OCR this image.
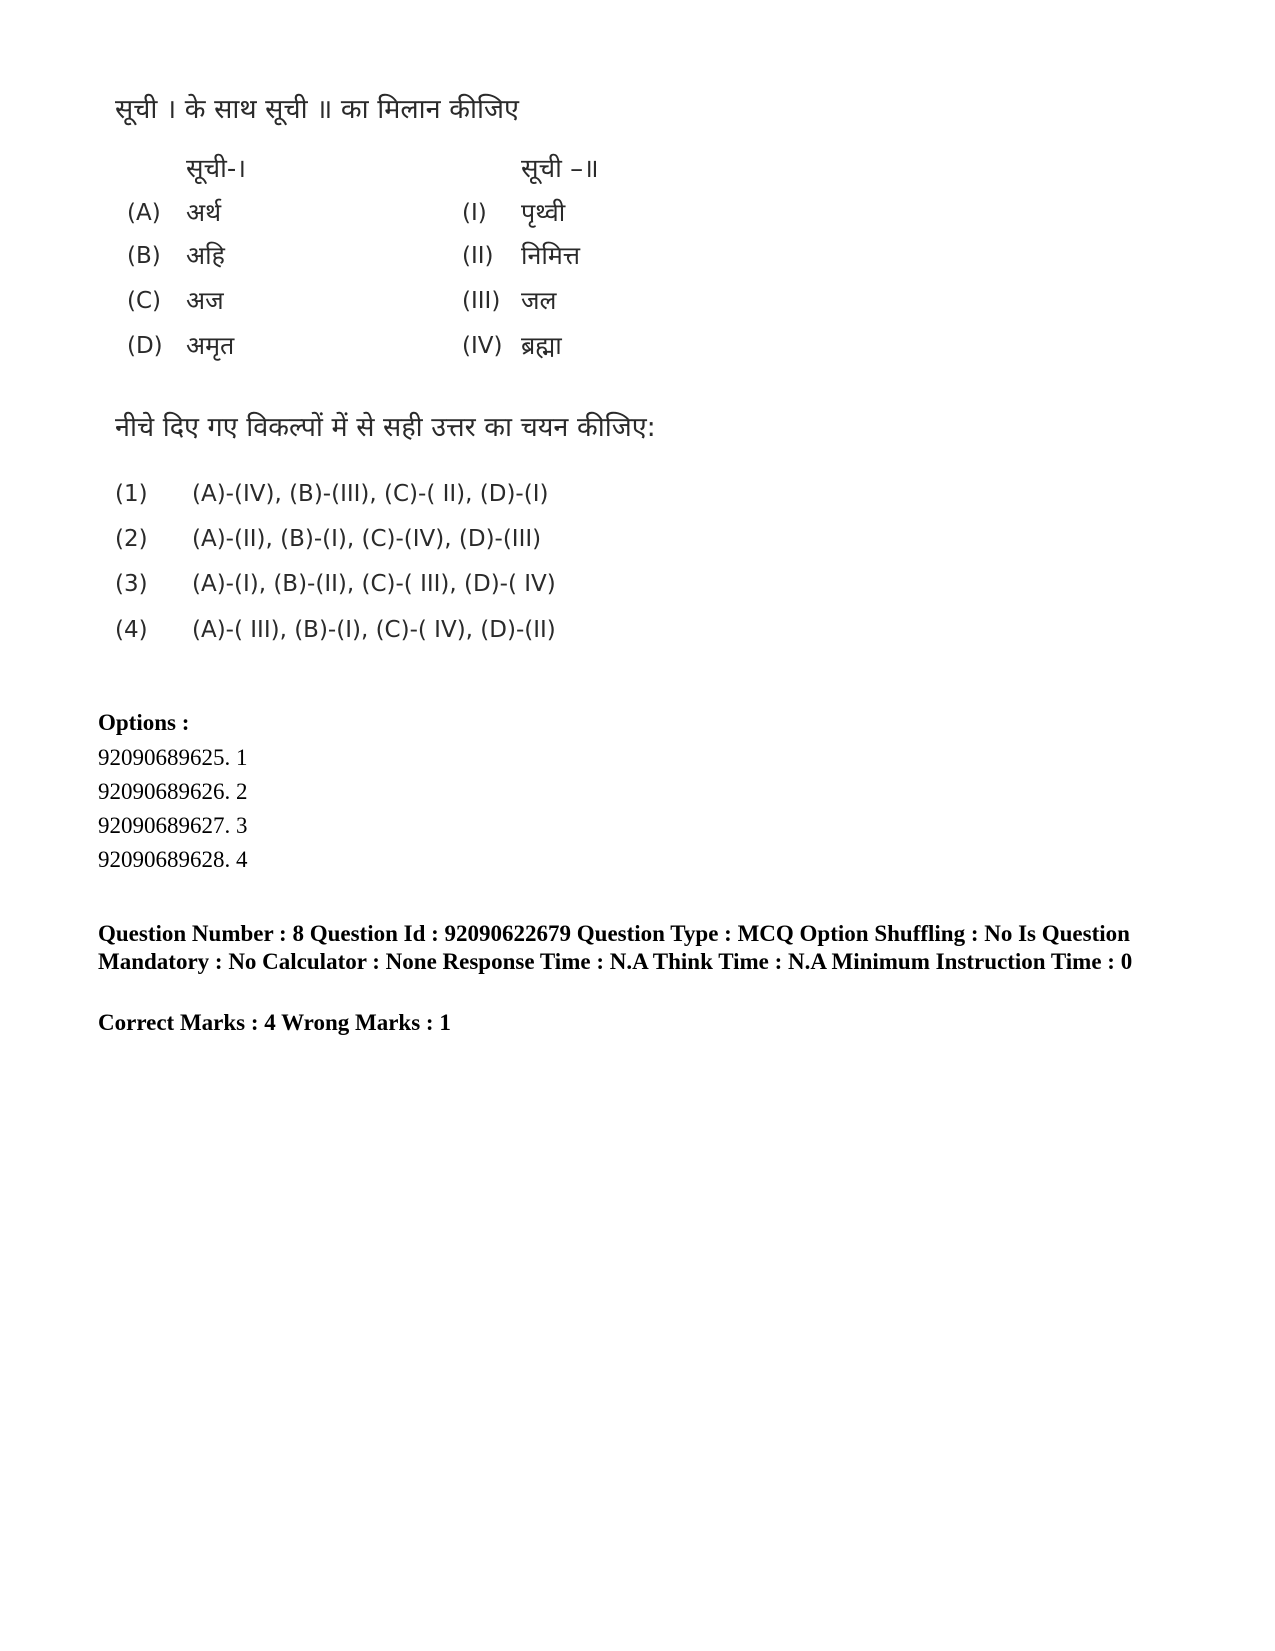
सूची । के साथ सूची ॥ का मिलान कीजिए
सूची-।	सूची –॥
(A) अर्थ	(I) पृथ्वी
(B) अहि	(II) निमित्त
(C) अज	(III) जल
(D) अमृत	(IV) ब्रह्मा
नीचे दिए गए विकल्पों में से सही उत्तर का चयन कीजिए:
(1) (A)-(IV), (B)-(III), (C)-( II), (D)-(I)
(2) (A)-(II), (B)-(I), (C)-(IV), (D)-(III)
(3) (A)-(I), (B)-(II), (C)-( III), (D)-( IV)
(4) (A)-( III), (B)-(I), (C)-( IV), (D)-(II)
Options :
92090689625. 1
92090689626. 2
92090689627. 3
92090689628. 4
Question Number : 8 Question Id : 92090622679 Question Type : MCQ Option Shuffling : No Is Question Mandatory : No Calculator : None Response Time : N.A Think Time : N.A Minimum Instruction Time : 0
Correct Marks : 4 Wrong Marks : 1
